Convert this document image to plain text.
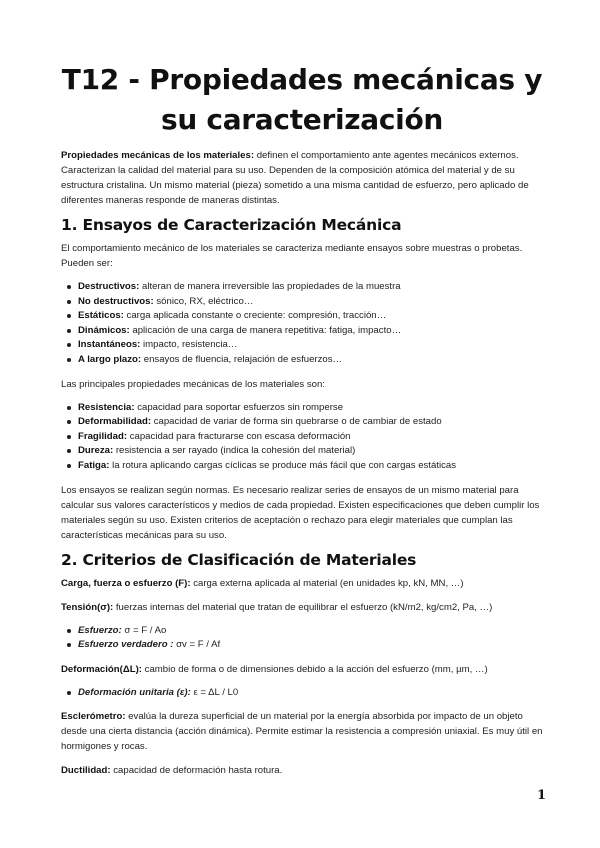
T12 - Propiedades mecánicas y
su caracterización

Propiedades mecánicas de los materiales: definen el comportamiento ante agentes mecánicos externos. Caracterizan la calidad del material para su uso. Dependen de la composición atómica del material y de su estructura cristalina. Un mismo material (pieza) sometido a una misma cantidad de esfuerzo, pero aplicado de diferentes maneras responde de maneras distintas.

1. Ensayos de Caracterización Mecánica

El comportamiento mecánico de los materiales se caracteriza mediante ensayos sobre muestras o probetas. Pueden ser:

Destructivos: alteran de manera irreversible las propiedades de la muestra
No destructivos: sónico, RX, eléctrico…
Estáticos: carga aplicada constante o creciente: compresión, tracción…
Dinámicos: aplicación de una carga de manera repetitiva: fatiga, impacto…
Instantáneos: impacto, resistencia…
A largo plazo: ensayos de fluencia, relajación de esfuerzos…

Las principales propiedades mecánicas de los materiales son:

Resistencia: capacidad para soportar esfuerzos sin romperse
Deformabilidad: capacidad de variar de forma sin quebrarse o de cambiar de estado
Fragilidad: capacidad para fracturarse con escasa deformación
Dureza: resistencia a ser rayado (indica la cohesión del material)
Fatiga: la rotura aplicando cargas cíclicas se produce más fácil que con cargas estáticas

Los ensayos se realizan según normas. Es necesario realizar series de ensayos de un mismo material para calcular sus valores característicos y medios de cada propiedad. Existen especificaciones que deben cumplir los materiales según su uso. Existen criterios de aceptación o rechazo para elegir materiales que cumplan las características mecánicas para su uso.

2. Criterios de Clasificación de Materiales

Carga, fuerza o esfuerzo (F): carga externa aplicada al material (en unidades kp, kN, MN, …)

Tensión(σ): fuerzas internas del material que tratan de equilibrar el esfuerzo (kN/m2, kg/cm2, Pa, …)

Esfuerzo: σ = F / Ao
Esfuerzo verdadero : σv = F / Af

Deformación(ΔL): cambio de forma o de dimensiones debido a la acción del esfuerzo (mm, µm, …)

Deformación unitaria (ε): ε = ΔL / L0

Esclerómetro: evalúa la dureza superficial de un material por la energía absorbida por impacto de un objeto desde una cierta distancia (acción dinámica). Permite estimar la resistencia a compresión uniaxial. Es muy útil en hormigones y rocas.

Ductilidad: capacidad de deformación hasta rotura.

1
